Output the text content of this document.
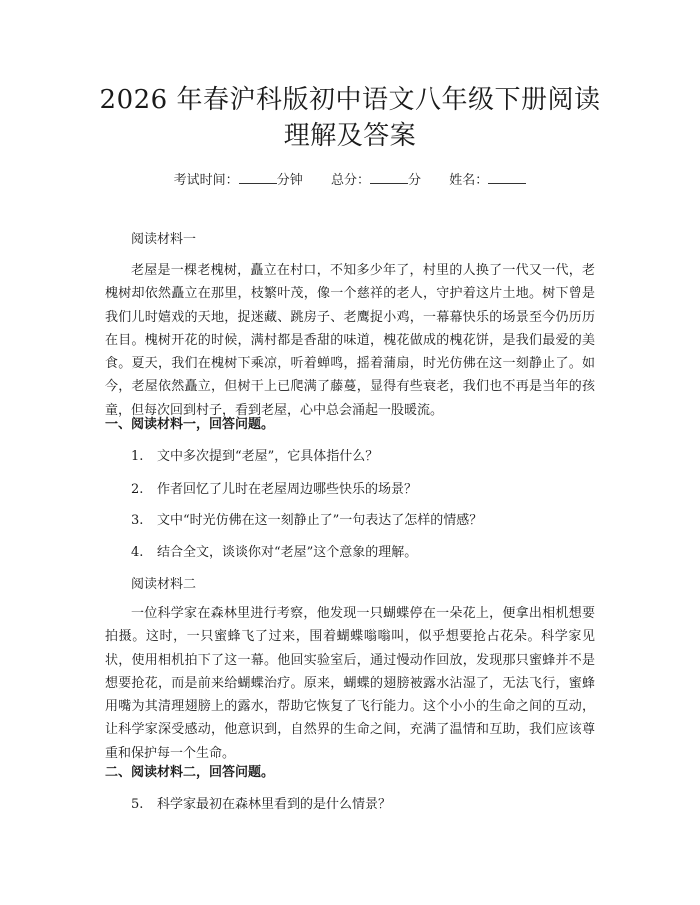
2026 年春沪科版初中语文八年级下册阅读理解及答案
考试时间：	分钟 总分：	分 姓名：
阅读材料一

老屋是一棵老槐树，矗立在村口，不知多少年了，村里的人换了一代又一代，老槐树却依然矗立在那里，枝繁叶茂，像一个慈祥的老人，守护着这片土地。树下曾是我们儿时嬉戏的天地，捉迷藏、跳房子、老鹰捉小鸡，一幕幕快乐的场景至今仍历历在目。槐树开花的时候，满村都是香甜的味道，槐花做成的槐花饼，是我们最爱的美食。夏天，我们在槐树下乘凉，听着蝉鸣，摇着蒲扇，时光仿佛在这一刻静止了。如今，老屋依然矗立，但树干上已爬满了藤蔓，显得有些衰老，我们也不再是当年的孩童，但每次回到村子，看到老屋，心中总会涌起一股暖流。

一、阅读材料一，回答问题。
1. 文中多次提到“老屋”，它具体指什么？
2. 作者回忆了儿时在老屋周边哪些快乐的场景？
3. 文中“时光仿佛在这一刻静止了”一句表达了怎样的情感？
4. 结合全文，谈谈你对“老屋”这个意象的理解。
阅读材料二

一位科学家在森林里进行考察，他发现一只蝴蝶停在一朵花上，便拿出相机想要拍摄。这时，一只蜜蜂飞了过来，围着蝴蝶嗡嗡叫，似乎想要抢占花朵。科学家见状，使用相机拍下了这一幕。他回实验室后，通过慢动作回放，发现那只蜜蜂并不是想要抢花，而是前来给蝴蝶治疗。原来，蝴蝶的翅膀被露水沾湿了，无法飞行，蜜蜂用嘴为其清理翅膀上的露水，帮助它恢复了飞行能力。这个小小的生命之间的互动，让科学家深受感动，他意识到，自然界的生命之间，充满了温情和互助，我们应该尊重和保护每一个生命。

二、阅读材料二，回答问题。
5. 科学家最初在森林里看到的是什么情景？
